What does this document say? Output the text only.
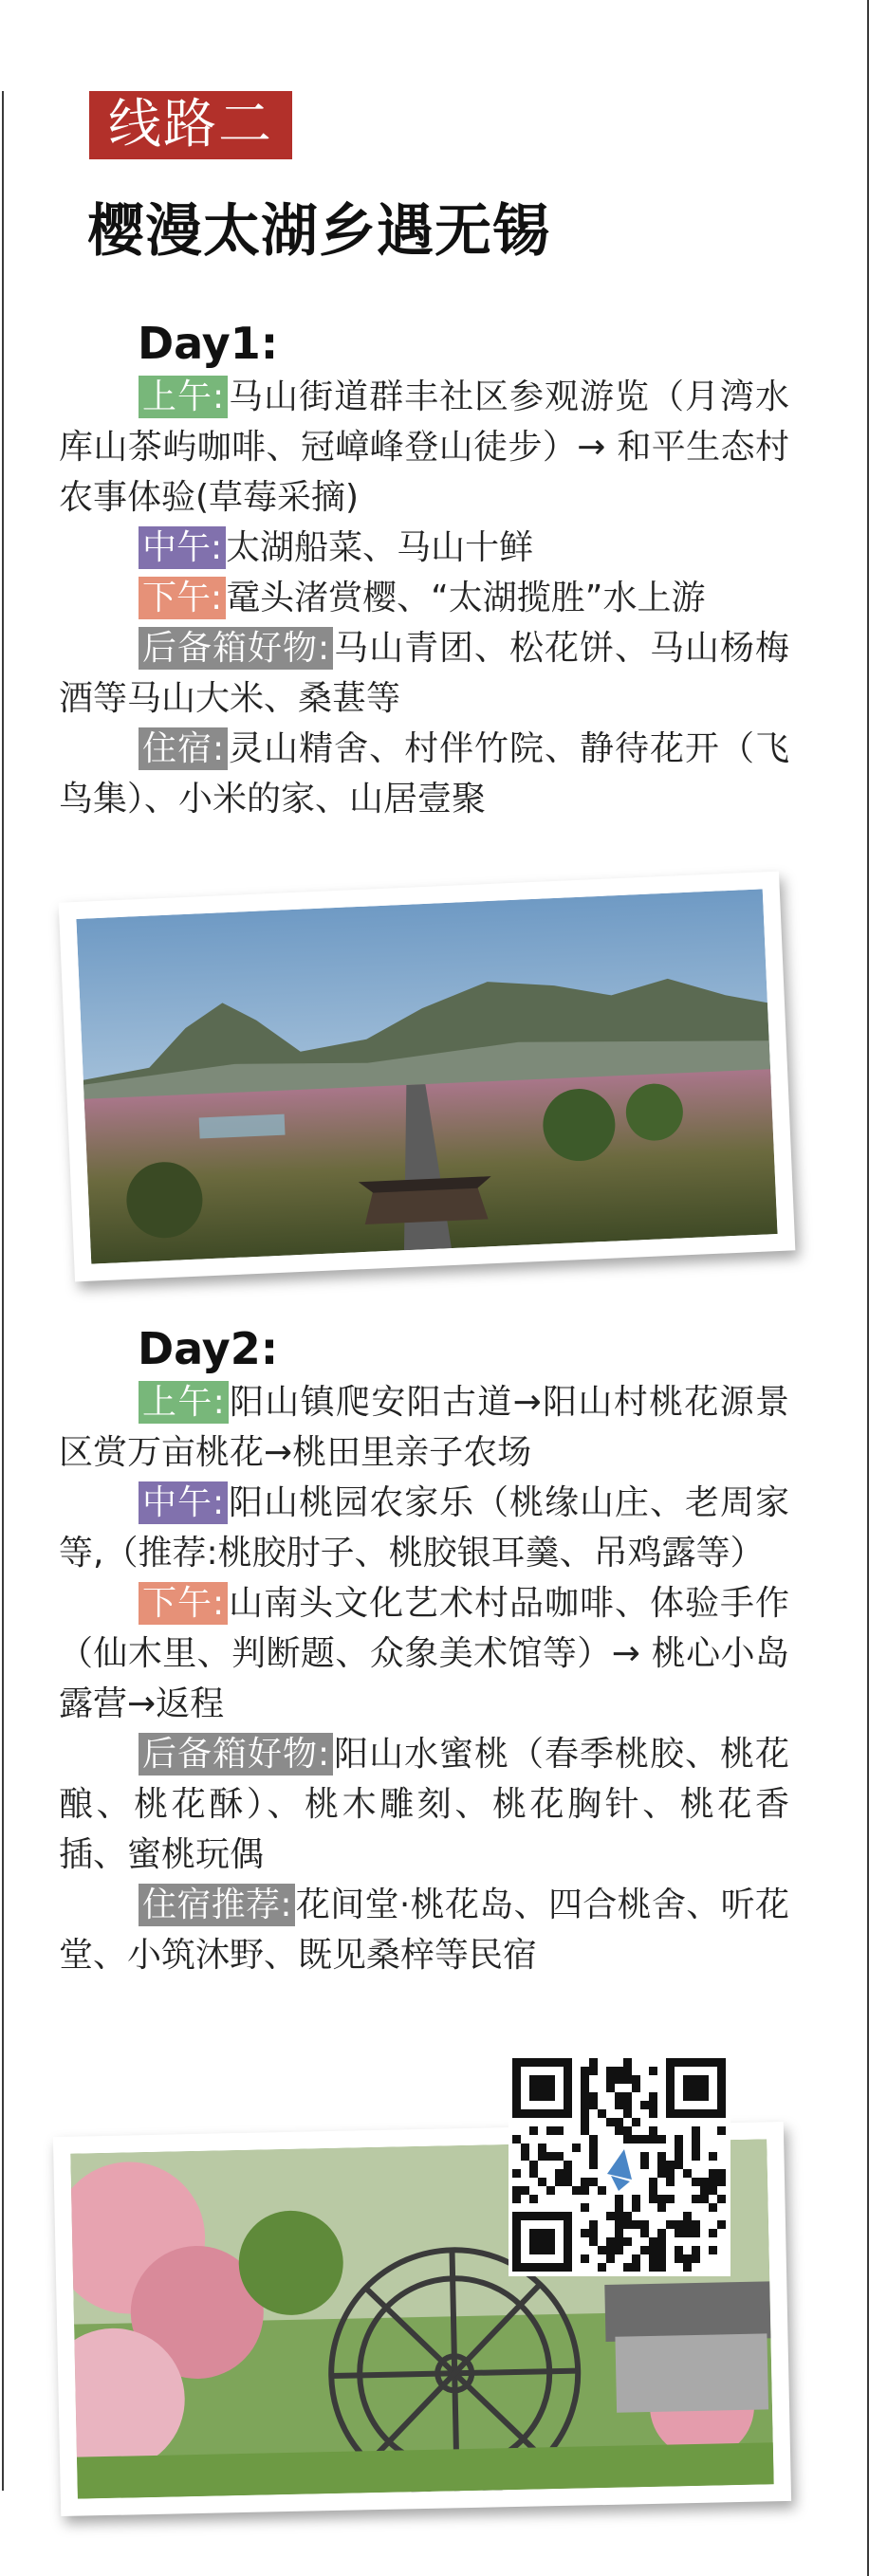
线路二
樱漫太湖乡遇无锡
Day1:

上午: 马山街道群丰社区参观游览（月湾水库山茶屿咖啡、冠嶂峰登山徒步）→ 和平生态村农事体验(草莓采摘)

中午: 太湖船菜、马山十鲜

下午: 鼋头渚赏樱、“太湖揽胜”水上游

后备箱好物: 马山青团、松花饼、马山杨梅酒等马山大米、桑葚等

住宿: 灵山精舍、村伴竹院、静待花开（飞鸟集）、小米的家、山居壹聚

Day2:

上午: 阳山镇爬安阳古道→阳山村桃花源景区赏万亩桃花→桃田里亲子农场

中午: 阳山桃园农家乐（桃缘山庄、老周家等,（推荐:桃胶肘子、桃胶银耳羹、吊鸡露等）

下午: 山南头文化艺术村品咖啡、体验手作（仙木里、判断题、众象美术馆等）→ 桃心小岛露营→返程

后备箱好物: 阳山水蜜桃（春季桃胶、桃花酿、桃花酥）、桃木雕刻、桃花胸针、桃花香插、蜜桃玩偶

住宿推荐: 花间堂·桃花岛、四合桃舍、听花堂、小筑沐野、既见桑梓等民宿
